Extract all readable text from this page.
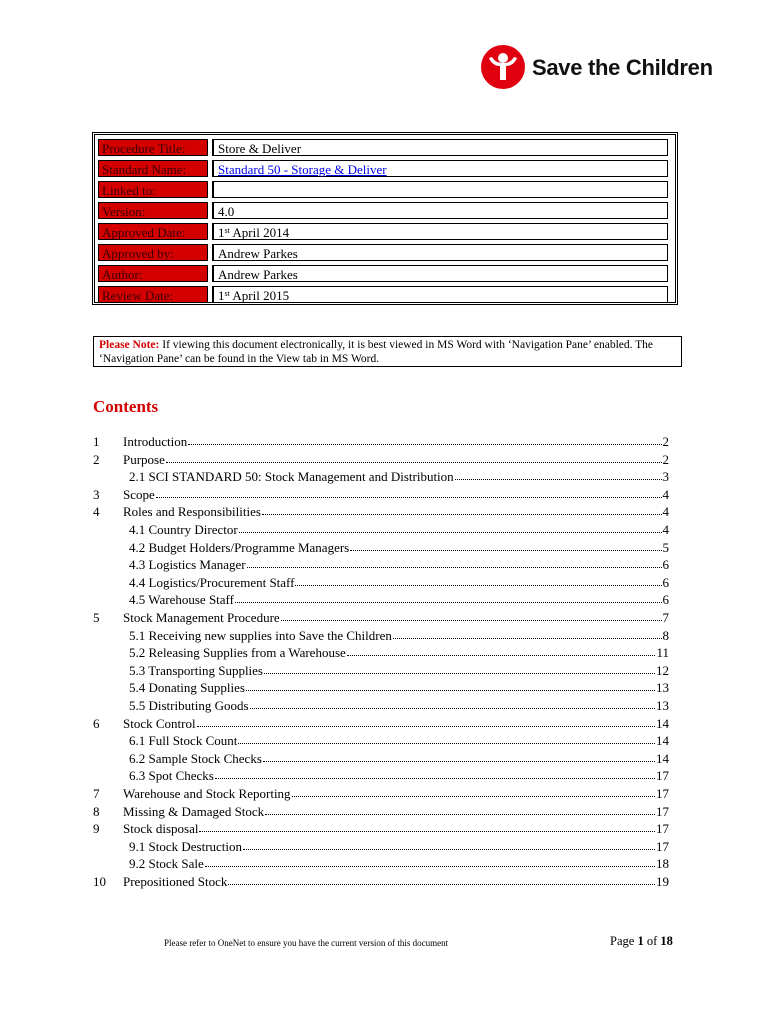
Save the Children
Procedure Title:	Store & Deliver
Standard Name:	Standard 50 - Storage & Deliver
Linked to:
Version:	4.0
Approved Date:	1st April 2014
Approved by:	Andrew Parkes
Author:	Andrew Parkes
Review Date:	1st April 2015
Please Note: If viewing this document electronically, it is best viewed in MS Word with ‘Navigation Pane’ enabled. The ‘Navigation Pane’ can be found in the View tab in MS Word.
Contents
1	Introduction	2
2	Purpose	2
2.1 SCI STANDARD 50: Stock Management and Distribution	3
3	Scope	4
4	Roles and Responsibilities	4
4.1 Country Director	4
4.2 Budget Holders/Programme Managers	5
4.3 Logistics Manager	6
4.4 Logistics/Procurement Staff	6
4.5 Warehouse Staff	6
5	Stock Management Procedure	7
5.1 Receiving new supplies into Save the Children	8
5.2 Releasing Supplies from a Warehouse	11
5.3 Transporting Supplies	12
5.4 Donating Supplies	13
5.5 Distributing Goods	13
6	Stock Control	14
6.1 Full Stock Count	14
6.2 Sample Stock Checks	14
6.3 Spot Checks	17
7	Warehouse and Stock Reporting	17
8	Missing & Damaged Stock	17
9	Stock disposal	17
9.1 Stock Destruction	17
9.2 Stock Sale	18
10	Prepositioned Stock	19
Please refer to OneNet to ensure you have the current version of this document	Page 1 of 18
